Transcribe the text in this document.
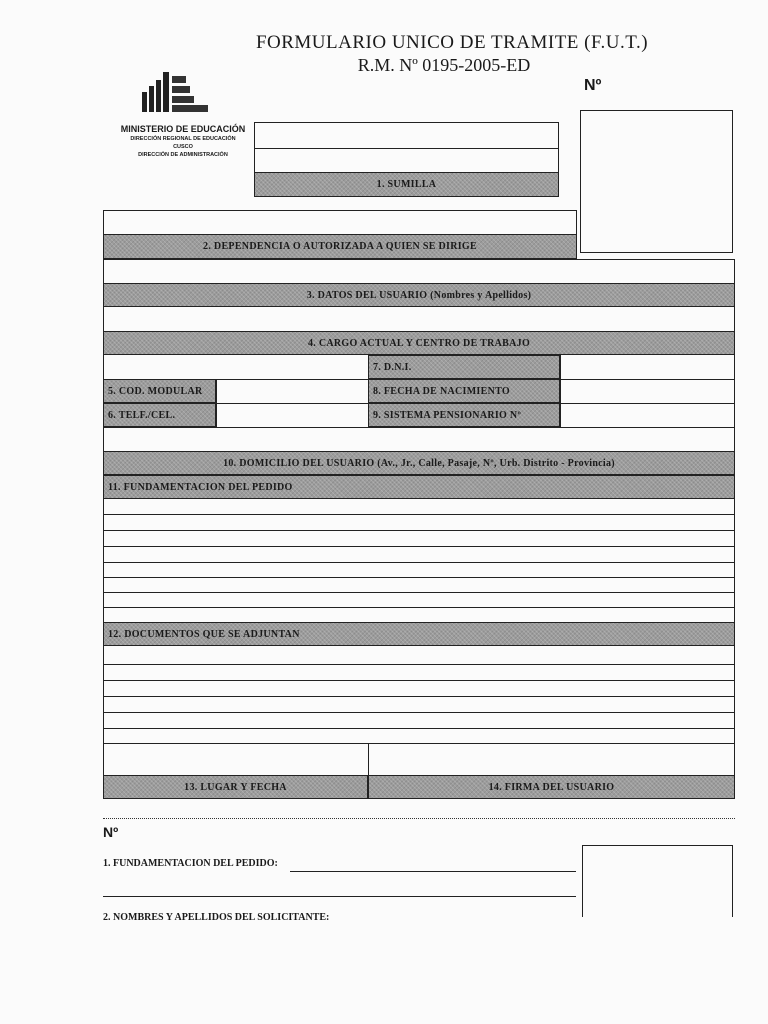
FORMULARIO UNICO DE TRAMITE (F.U.T.)
R.M. Nº 0195-2005-ED
Nº
MINISTERIO DE EDUCACIÓN
DIRECCIÓN REGIONAL DE EDUCACIÓN
CUSCO
DIRECCIÓN DE ADMINISTRACIÓN
1. SUMILLA
2. DEPENDENCIA O AUTORIZADA A QUIEN SE DIRIGE
3. DATOS DEL USUARIO (Nombres y Apellidos)
4. CARGO ACTUAL Y CENTRO DE TRABAJO
7. D.N.I.
8. FECHA DE NACIMIENTO
9. SISTEMA PENSIONARIO Nº
5. COD. MODULAR
6. TELF./CEL.
10. DOMICILIO DEL USUARIO (Av., Jr., Calle, Pasaje, Nº, Urb. Distrito - Provincia)
11. FUNDAMENTACION DEL PEDIDO
12. DOCUMENTOS QUE SE ADJUNTAN
13. LUGAR Y FECHA	14. FIRMA DEL USUARIO
Nº
1. FUNDAMENTACION DEL PEDIDO:
2. NOMBRES Y APELLIDOS DEL SOLICITANTE:
